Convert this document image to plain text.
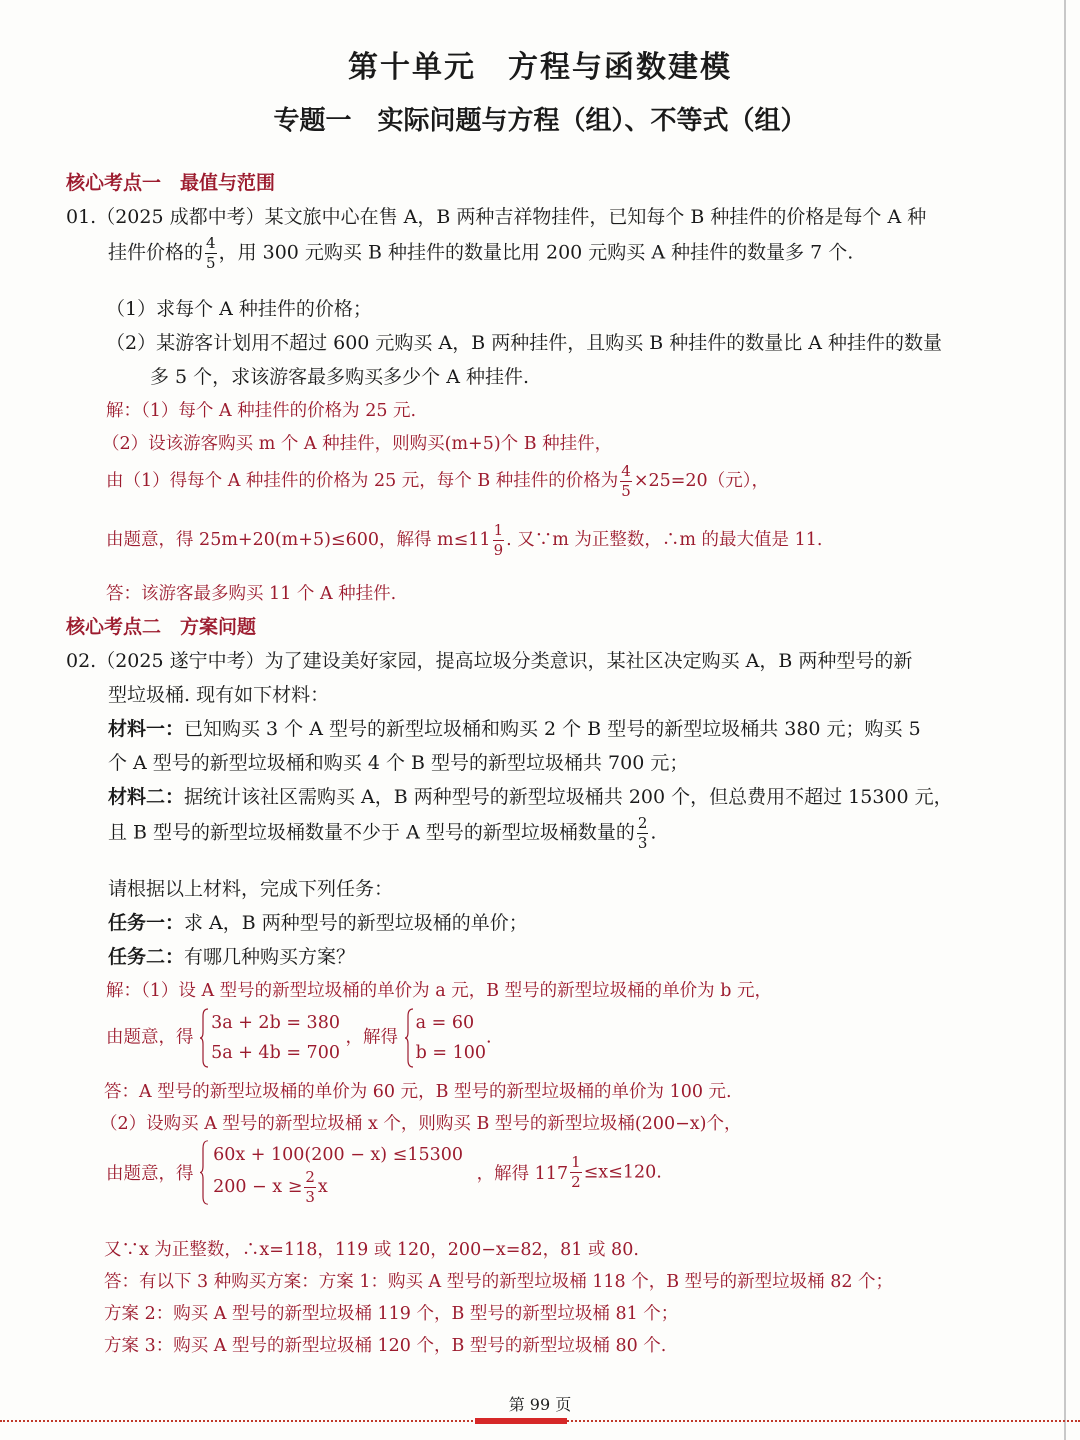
第十单元　方程与函数建模
专题一　实际问题与方程（组）、不等式（组）
核心考点一　最值与范围
01.（2025 成都中考）某文旅中心在售 A，B 两种吉祥物挂件，已知每个 B 种挂件的价格是每个 A 种
挂件价格的 $\frac{4}{5}$ ，用 300 元购买 B 种挂件的数量比用 200 元购买 A 种挂件的数量多 7 个.
（1）求每个 A 种挂件的价格；
（2）某游客计划用不超过 600 元购买 A，B 两种挂件，且购买 B 种挂件的数量比 A 种挂件的数量
多 5 个，求该游客最多购买多少个 A 种挂件.
解：（1）每个 A 种挂件的价格为 25 元.
（2）设该游客购买 m 个 A 种挂件，则购买(m+5)个 B 种挂件，
由（1）得每个 A 种挂件的价格为 25 元，每个 B 种挂件的价格为 $\frac{4}{5} \times 25=20$（元），
由题意，得 25m+20(m+5)≤600，解得 $m\le 11 \frac{1}{9}$ . 又∵m 为正整数，∴m 的最大值是 11.
答：该游客最多购买 11 个 A 种挂件.
核心考点二　方案问题
02.（2025 遂宁中考）为了建设美好家园，提高垃圾分类意识，某社区决定购买 A，B 两种型号的新
型垃圾桶. 现有如下材料：
材料一：已知购买 3 个 A 型号的新型垃圾桶和购买 2 个 B 型号的新型垃圾桶共 380 元；购买 5
个 A 型号的新型垃圾桶和购买 4 个 B 型号的新型垃圾桶共 700 元；
材料二：据统计该社区需购买 A，B 两种型号的新型垃圾桶共 200 个，但总费用不超过 15300 元，
且 B 型号的新型垃圾桶数量不少于 A 型号的新型垃圾桶数量的 $\frac{2}{3}$ .
请根据以上材料，完成下列任务：
任务一：求 A，B 两种型号的新型垃圾桶的单价；
任务二：有哪几种购买方案？
解：（1）设 A 型号的新型垃圾桶的单价为 a 元，B 型号的新型垃圾桶的单价为 b 元，
由题意，得
3a + 2b = 380
5a + 4b = 700
，解得
a = 60
b = 100
.
答：A 型号的新型垃圾桶的单价为 60 元，B 型号的新型垃圾桶的单价为 100 元.
（2）设购买 A 型号的新型垃圾桶 x 个，则购买 B 型号的新型垃圾桶(200−x)个，
由题意，得
60x + 100(200 − x) ≤15300
$200 - x \ge \frac{2}{3}$ x
，解得 $117 \frac{1}{2} \le x\le 120$.
又∵x 为正整数，∴x=118，119 或 120，200−x=82，81 或 80.
答：有以下 3 种购买方案：方案 1：购买 A 型号的新型垃圾桶 118 个，B 型号的新型垃圾桶 82 个；
方案 2：购买 A 型号的新型垃圾桶 119 个，B 型号的新型垃圾桶 81 个；
方案 3：购买 A 型号的新型垃圾桶 120 个，B 型号的新型垃圾桶 80 个.
第 99 页
